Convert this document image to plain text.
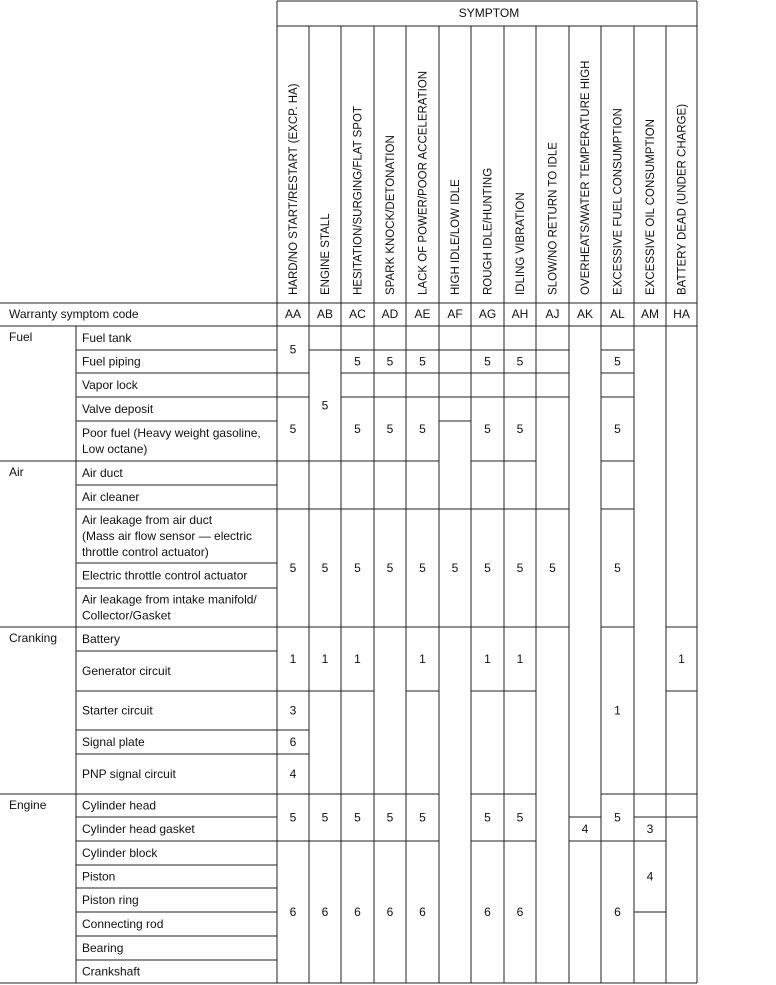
SYMPTOM
HARD/NO START/RESTART (EXCP. HA) ENGINE STALL HESITATION/SURGING/FLAT SPOT SPARK KNOCK/DETONATION LACK OF POWER/POOR ACCELERATION HIGH IDLE/LOW IDLE ROUGH IDLE/HUNTING IDLING VIBRATION SLOW/NO RETURN TO IDLE OVERHEATS/WATER TEMPERATURE HIGH EXCESSIVE FUEL CONSUMPTION EXCESSIVE OIL CONSUMPTION BATTERY DEAD (UNDER CHARGE)
Warranty symptom code	AA AB AC AD AE AF AG AH AJ AK AL AM HA
Fuel
Air
Cranking
Engine
Fuel tank
Fuel piping
Vapor lock
Valve deposit
Poor fuel (Heavy weight gasoline,
Low octane)
Air duct
Air cleaner
Air leakage from air duct
(Mass air flow sensor — electric
throttle control actuator)
Electric throttle control actuator
Air leakage from intake manifold/
Collector/Gasket
Battery
Generator circuit
Starter circuit
Signal plate
PNP signal circuit
Cylinder head
Cylinder head gasket
Cylinder block
Piston
Piston ring
Connecting rod
Bearing
Crankshaft
5
5
5
1
3
6
4
5
6
5
5
1
5
6
5
5
5
1
5
6
5
5
5
5
6
5
5
5
1
5
6
5
5
5
5
1
5
6
5
5
5
1
5
6
5
4
5
5
5
1
5
6
3
4
1
